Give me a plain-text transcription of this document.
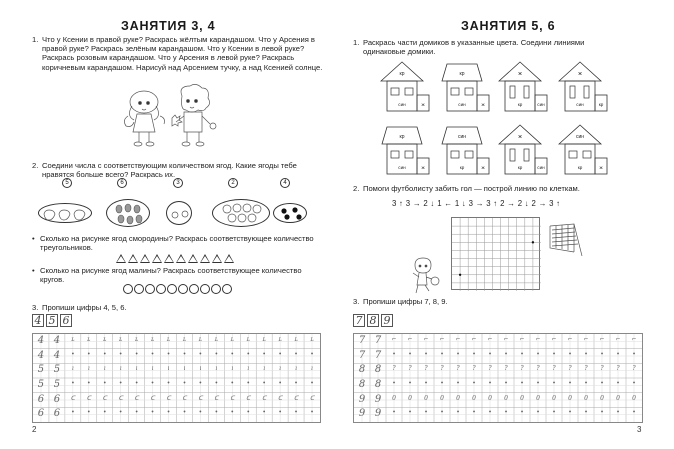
ЗАНЯТИЯ 3, 4
1. Что у Ксении в правой руке? Раскрась жёлтым карандашом. Что у Арсения в правой руке? Раскрась зелёным карандашом. Что у Ксении в левой руке? Раскрась розовым карандашом. Что у Арсения в левой руке? Раскрась коричневым карандашом. Нарисуй над Арсением тучку, а над Ксенией солнце.
2. Соедини числа с соответствующим количеством ягод. Какие ягоды тебе нравятся больше всего? Раскрась их.
5	6	3	2	4
• Сколько на рисунке ягод смородины? Раскрась соответствующее количество треугольников.
• Сколько на рисунке ягод малины? Раскрась соответствующее количество кругов.
3. Пропиши цифры 4, 5, 6.
4 5 6
4 4	ʟ	ʟ	ʟ	ʟ	ʟ	ʟ	ʟ	ʟ	ʟ	ʟ	ʟ	ʟ	ʟ	ʟ	ʟ	ʟ
4 4	•	•	•	•	•	•	•	•	•	•	•	•	•	•	•	•
5 5	ı	ı	ı	ı	ı	ı	ı	ı	ı	ı	ı	ı	ı	ı	ı	ı
5 5	•	•	•	•	•	•	•	•	•	•	•	•	•	•	•	•
6 6	ᑕ	ᑕ	ᑕ	ᑕ	ᑕ	ᑕ	ᑕ	ᑕ	ᑕ	ᑕ	ᑕ	ᑕ	ᑕ	ᑕ	ᑕ	ᑕ
6 6	•	•	•	•	•	•	•	•	•	•	•	•	•	•	•	•
2
ЗАНЯТИЯ 5, 6
1. Раскрась части домиков в указанные цвета. Соедини линиями одинаковые домики.
кр
син	ж
кр
син	ж
ж
кр	син
ж
син	кр
кр
син	ж
син
кр	ж
ж
кр	син
син
кр	ж
2. Помоги футболисту забить гол — построй линию по клеткам.
3 ↑ 3 → 2 ↓ 1 ← 1 ↓ 3 → 3 ↑ 2 → 2 ↓ 2 → 3 ↑
3. Пропиши цифры 7, 8, 9.
7 8 9
7 7	⌐	⌐	⌐	⌐	⌐	⌐	⌐	⌐	⌐	⌐	⌐	⌐	⌐	⌐	⌐	⌐
7 7	•	•	•	•	•	•	•	•	•	•	•	•	•	•	•	•
8 8	?	?	?	?	?	?	?	?	?	?	?	?	?	?	?	?
8 8	•	•	•	•	•	•	•	•	•	•	•	•	•	•	•	•
9 9	0	0	0	0	0	0	0	0	0	0	0	0	0	0	0	0
9 9	•	•	•	•	•	•	•	•	•	•	•	•	•	•	•	•
3
